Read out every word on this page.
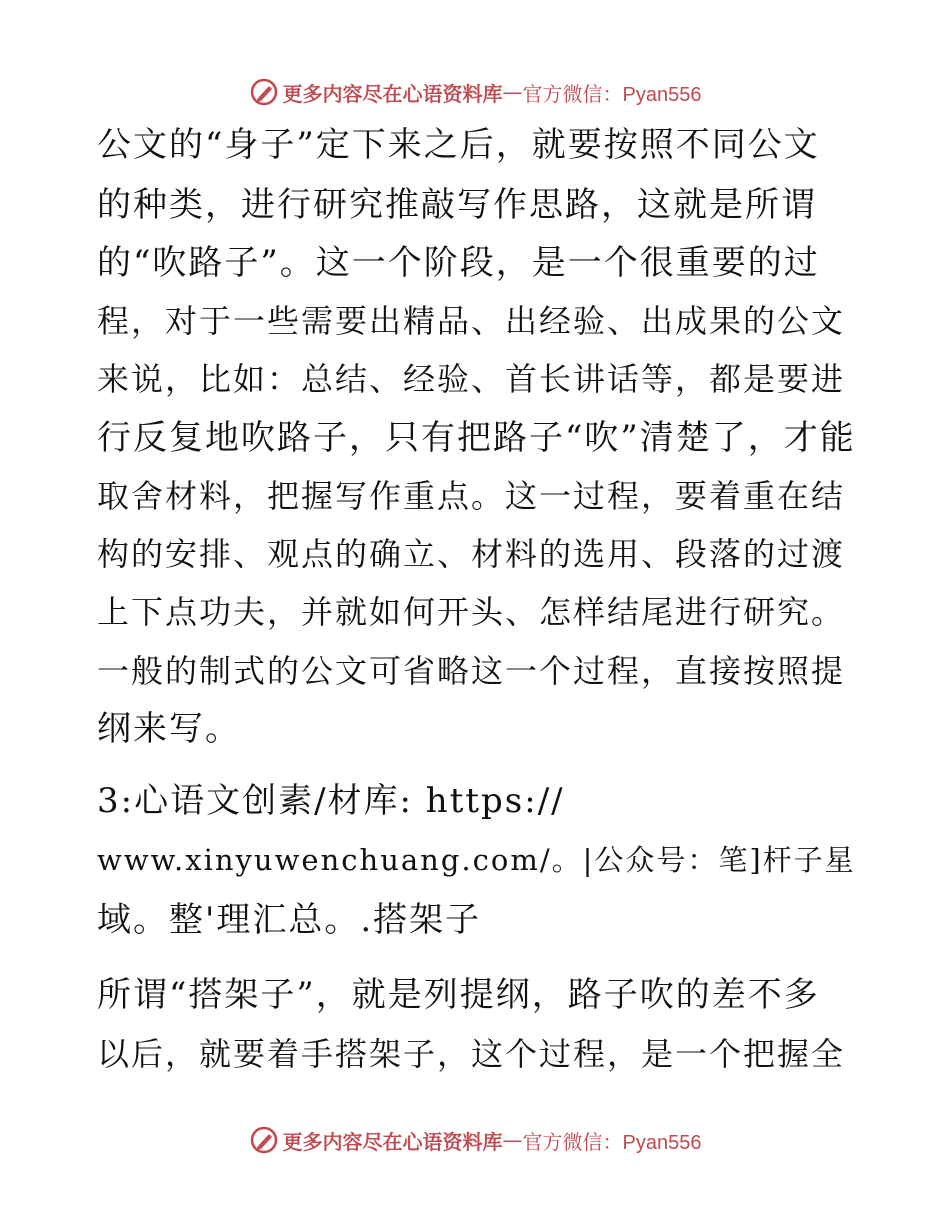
更多内容尽在心语资料库 — 官方微信：Pyan556
公文的“身子”定下来之后，就要按照不同公文
的种类，进行研究推敲写作思路，这就是所谓
的“吹路子”。这一个阶段，是一个很重要的过
程，对于一些需要出精品、出经验、出成果的公文
来说，比如：总结、经验、首长讲话等，都是要进
行反复地吹路子，只有把路子“吹”清楚了，才能
取舍材料，把握写作重点。这一过程，要着重在结
构的安排、观点的确立、材料的选用、段落的过渡
上下点功夫，并就如何开头、怎样结尾进行研究。
一般的制式的公文可省略这一个过程，直接按照提
纲来写。
3:心语文创素/材库: https://
www.xinyuwenchuang.com/。|公众号：笔]杆子星
域。整'理汇总。.搭架子
所谓“搭架子”，就是列提纲，路子吹的差不多
以后，就要着手搭架子，这个过程，是一个把握全
更多内容尽在心语资料库 — 官方微信：Pyan556
